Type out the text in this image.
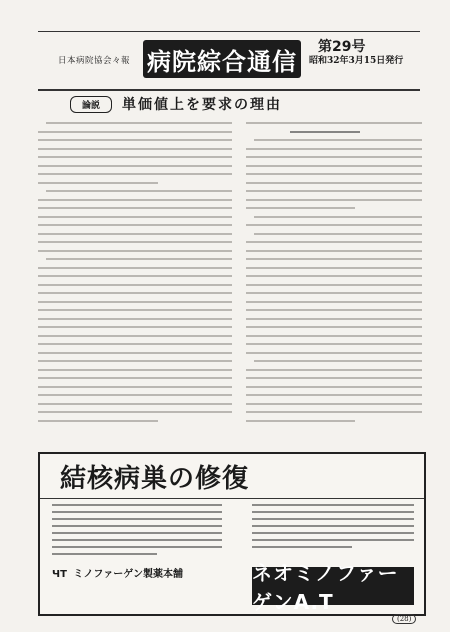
日本病院協会々報 病院綜合通信
第29号
昭和32年3月15日発行
論説	単価値上を要求の理由
結核病巣の修復
ЧТ ミノファーゲン製薬本舗	ネオミノファーゲンA.T
(28)
